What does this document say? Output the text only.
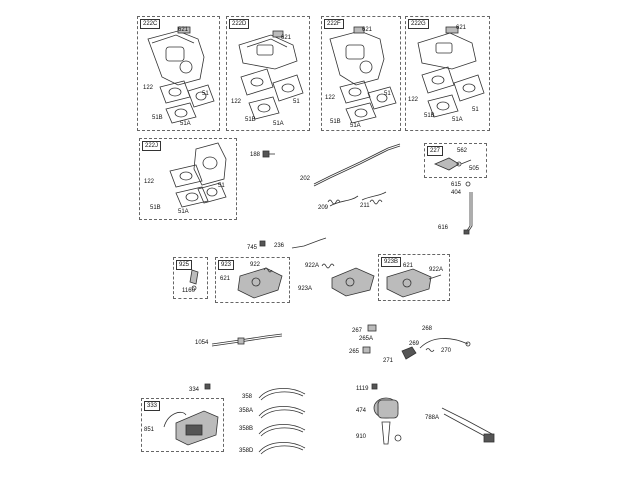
222C
621
122
51
51B
51A
222D
621
122	51
51B
51A
222F
621
122
51
51B
51A
222G
621
122
51
51B
51A
222J
122
51
51B
51A
188
202
209	211
227	562
505
615
404
616
745	236
925
1160
923	922
621
922A
923A
923B
621
922A
1054
267
265A
265
268
269
271
270
334
333
851
358
358A
358B
358D
1119
474
910
788A
